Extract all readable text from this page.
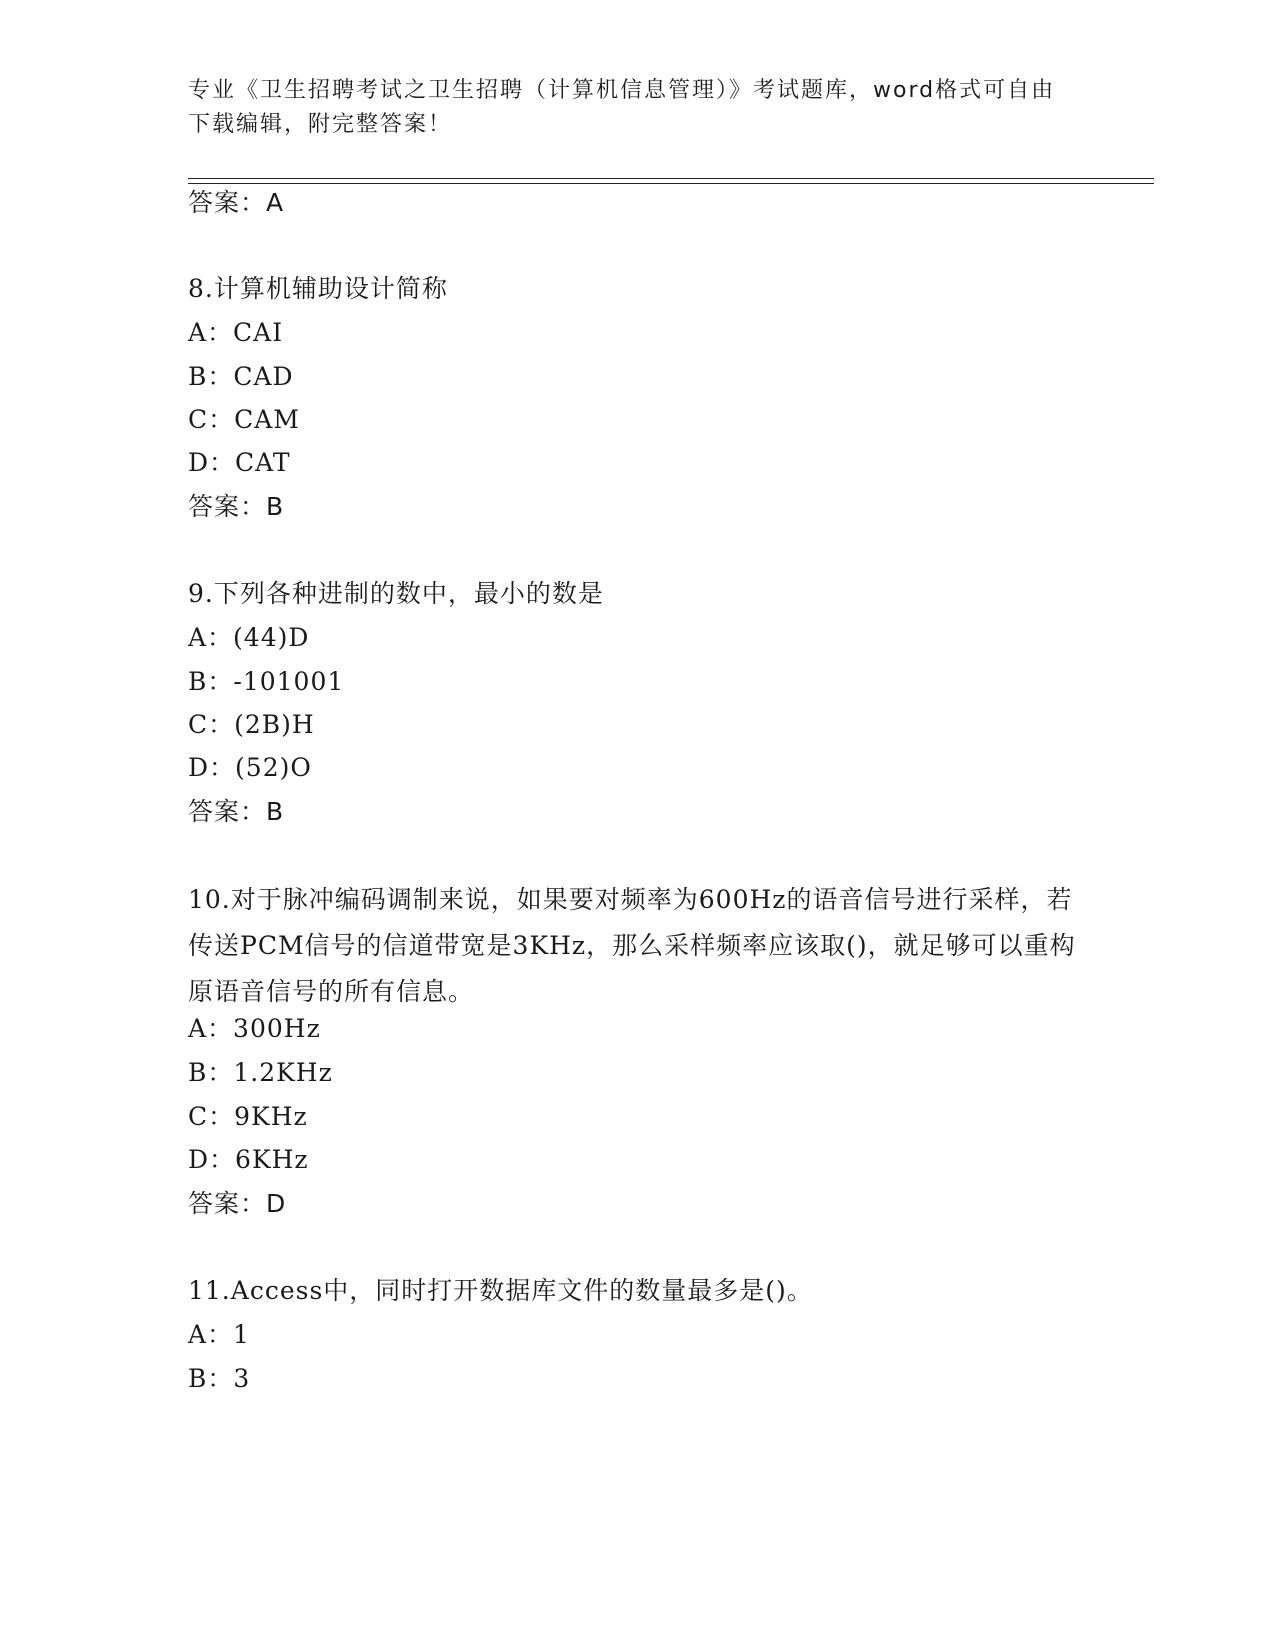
专业《卫生招聘考试之卫生招聘（计算机信息管理）》考试题库，word格式可自由下载编辑，附完整答案！
答案：A
8.计算机辅助设计简称
A：CAI
B：CAD
C：CAM
D：CAT
答案：B
9.下列各种进制的数中，最小的数是
A：(44)D
B：-101001
C：(2B)H
D：(52)O
答案：B
10.对于脉冲编码调制来说，如果要对频率为600Hz的语音信号进行采样，若传送PCM信号的信道带宽是3KHz，那么采样频率应该取()，就足够可以重构原语音信号的所有信息。
A：300Hz
B：1.2KHz
C：9KHz
D：6KHz
答案：D
11.Access中，同时打开数据库文件的数量最多是()。
A：1
B：3
